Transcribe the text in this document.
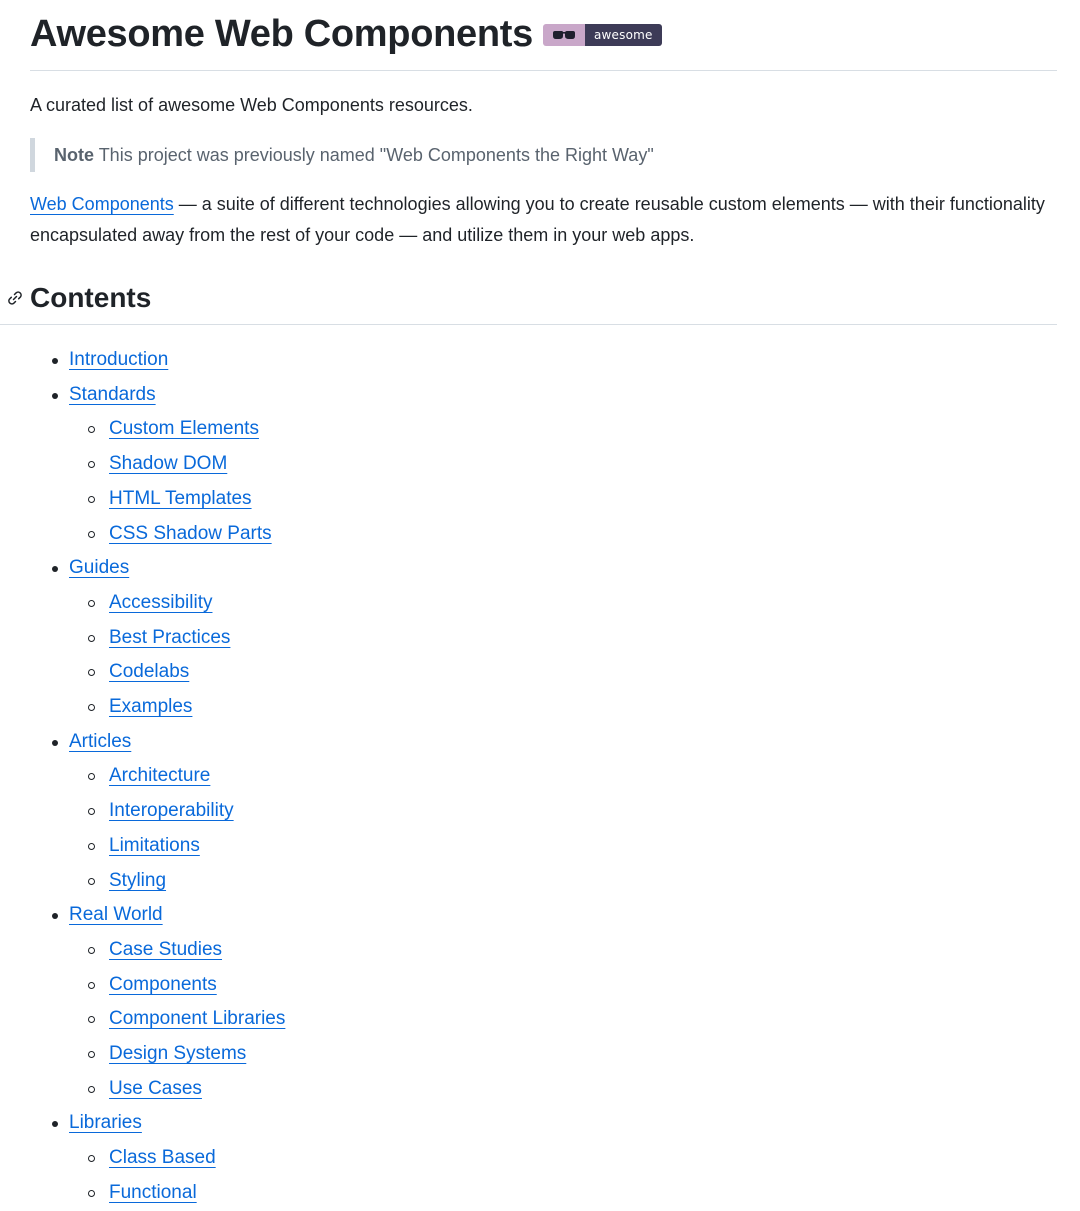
Awesome Web Components	awesome

A curated list of awesome Web Components resources.

Note This project was previously named "Web Components the Right Way"

Web Components — a suite of different technologies allowing you to create reusable custom elements — with their functionality encapsulated away from the rest of your code — and utilize them in your web apps.

Contents
Introduction
Standards
Custom Elements
Shadow DOM
HTML Templates
CSS Shadow Parts
Guides
Accessibility
Best Practices
Codelabs
Examples
Articles
Architecture
Interoperability
Limitations
Styling
Real World
Case Studies
Components
Component Libraries
Design Systems
Use Cases
Libraries
Class Based
Functional
